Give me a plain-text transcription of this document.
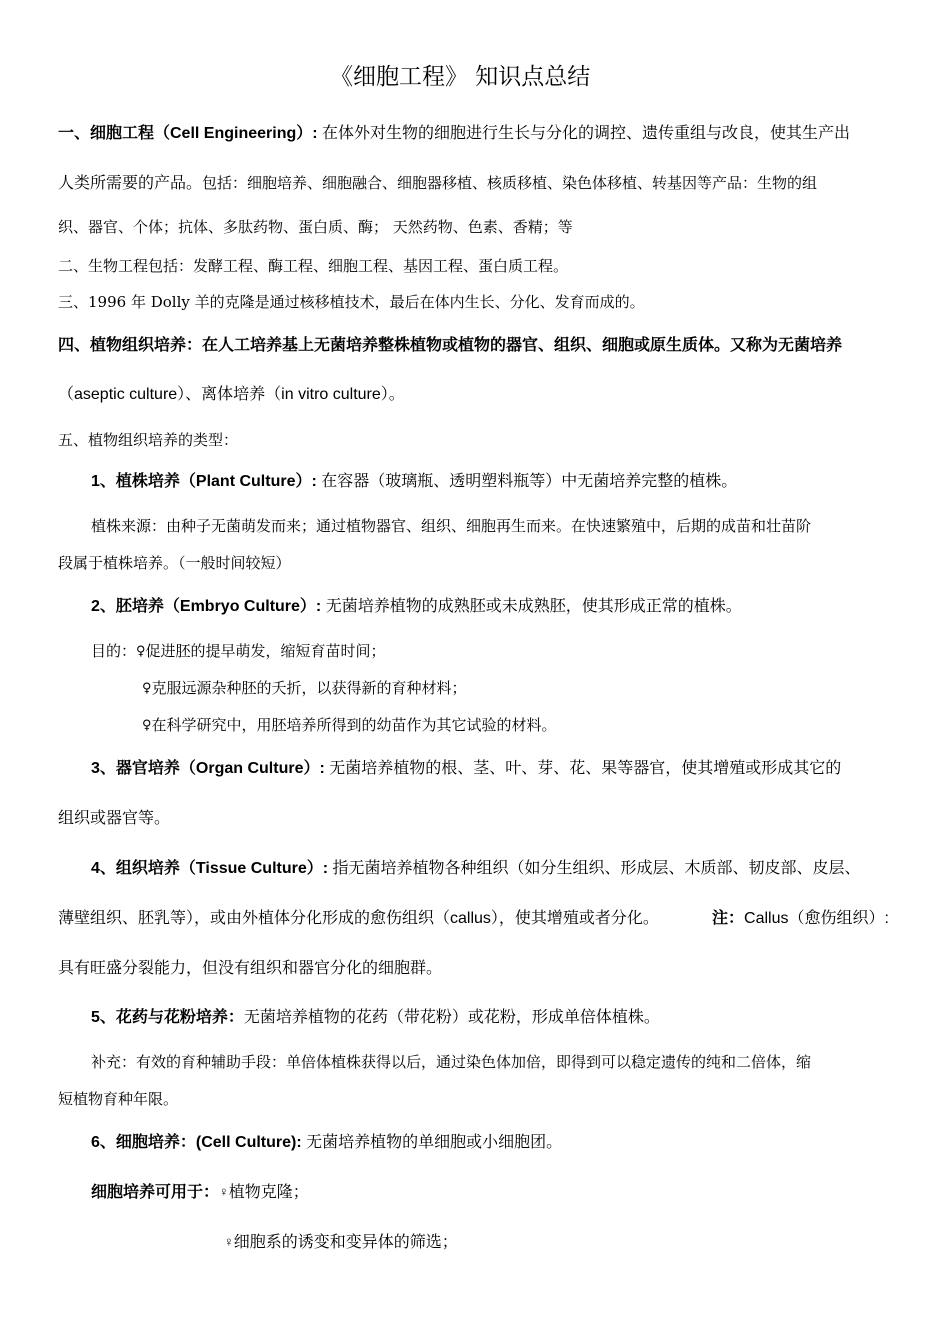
《细胞工程》 知识点总结
一、细胞工程（Cell Engineering）: 在体外对生物的细胞进行生长与分化的调控、遗传重组与改良，使其生产出
人类所需要的产品。包括：细胞培养、细胞融合、细胞器移植、核质移植、染色体移植、转基因等产品：生物的组
织、器官、个体；抗体、多肽药物、蛋白质、酶； 天然药物、色素、香精；等
二、生物工程包括：发酵工程、酶工程、细胞工程、基因工程、蛋白质工程。
三、1996 年 Dolly 羊的克隆是通过核移植技术，最后在体内生长、分化、发育而成的。
四、植物组织培养：在人工培养基上无菌培养整株植物或植物的器官、组织、细胞或原生质体。又称为无菌培养
（aseptic culture）、离体培养（in vitro culture）。
五、植物组织培养的类型：
1、植株培养（Plant Culture）: 在容器（玻璃瓶、透明塑料瓶等）中无菌培养完整的植株。
植株来源：由种子无菌萌发而来；通过植物器官、组织、细胞再生而来。在快速繁殖中，后期的成苗和壮苗阶
段属于植株培养。（一般时间较短）
2、胚培养（Embryo Culture）: 无菌培养植物的成熟胚或未成熟胚，使其形成正常的植株。
目的：♀促进胚的提早萌发，缩短育苗时间；
♀克服远源杂种胚的夭折，以获得新的育种材料；
♀在科学研究中，用胚培养所得到的幼苗作为其它试验的材料。
3、器官培养（Organ Culture）: 无菌培养植物的根、茎、叶、芽、花、果等器官，使其增殖或形成其它的
组织或器官等。
4、组织培养（Tissue Culture）: 指无菌培养植物各种组织（如分生组织、形成层、木质部、韧皮部、皮层、
薄壁组织、胚乳等），或由外植体分化形成的愈伤组织（callus），使其增殖或者分化。	注：Callus（愈伤组织）:
具有旺盛分裂能力，但没有组织和器官分化的细胞群。
5、花药与花粉培养：无菌培养植物的花药（带花粉）或花粉，形成单倍体植株。
补充：有效的育种辅助手段：单倍体植株获得以后，通过染色体加倍，即得到可以稳定遗传的纯和二倍体，缩
短植物育种年限。
6、细胞培养：(Cell Culture): 无菌培养植物的单细胞或小细胞团。
细胞培养可用于：♀植物克隆；
♀细胞系的诱变和变异体的筛选；
